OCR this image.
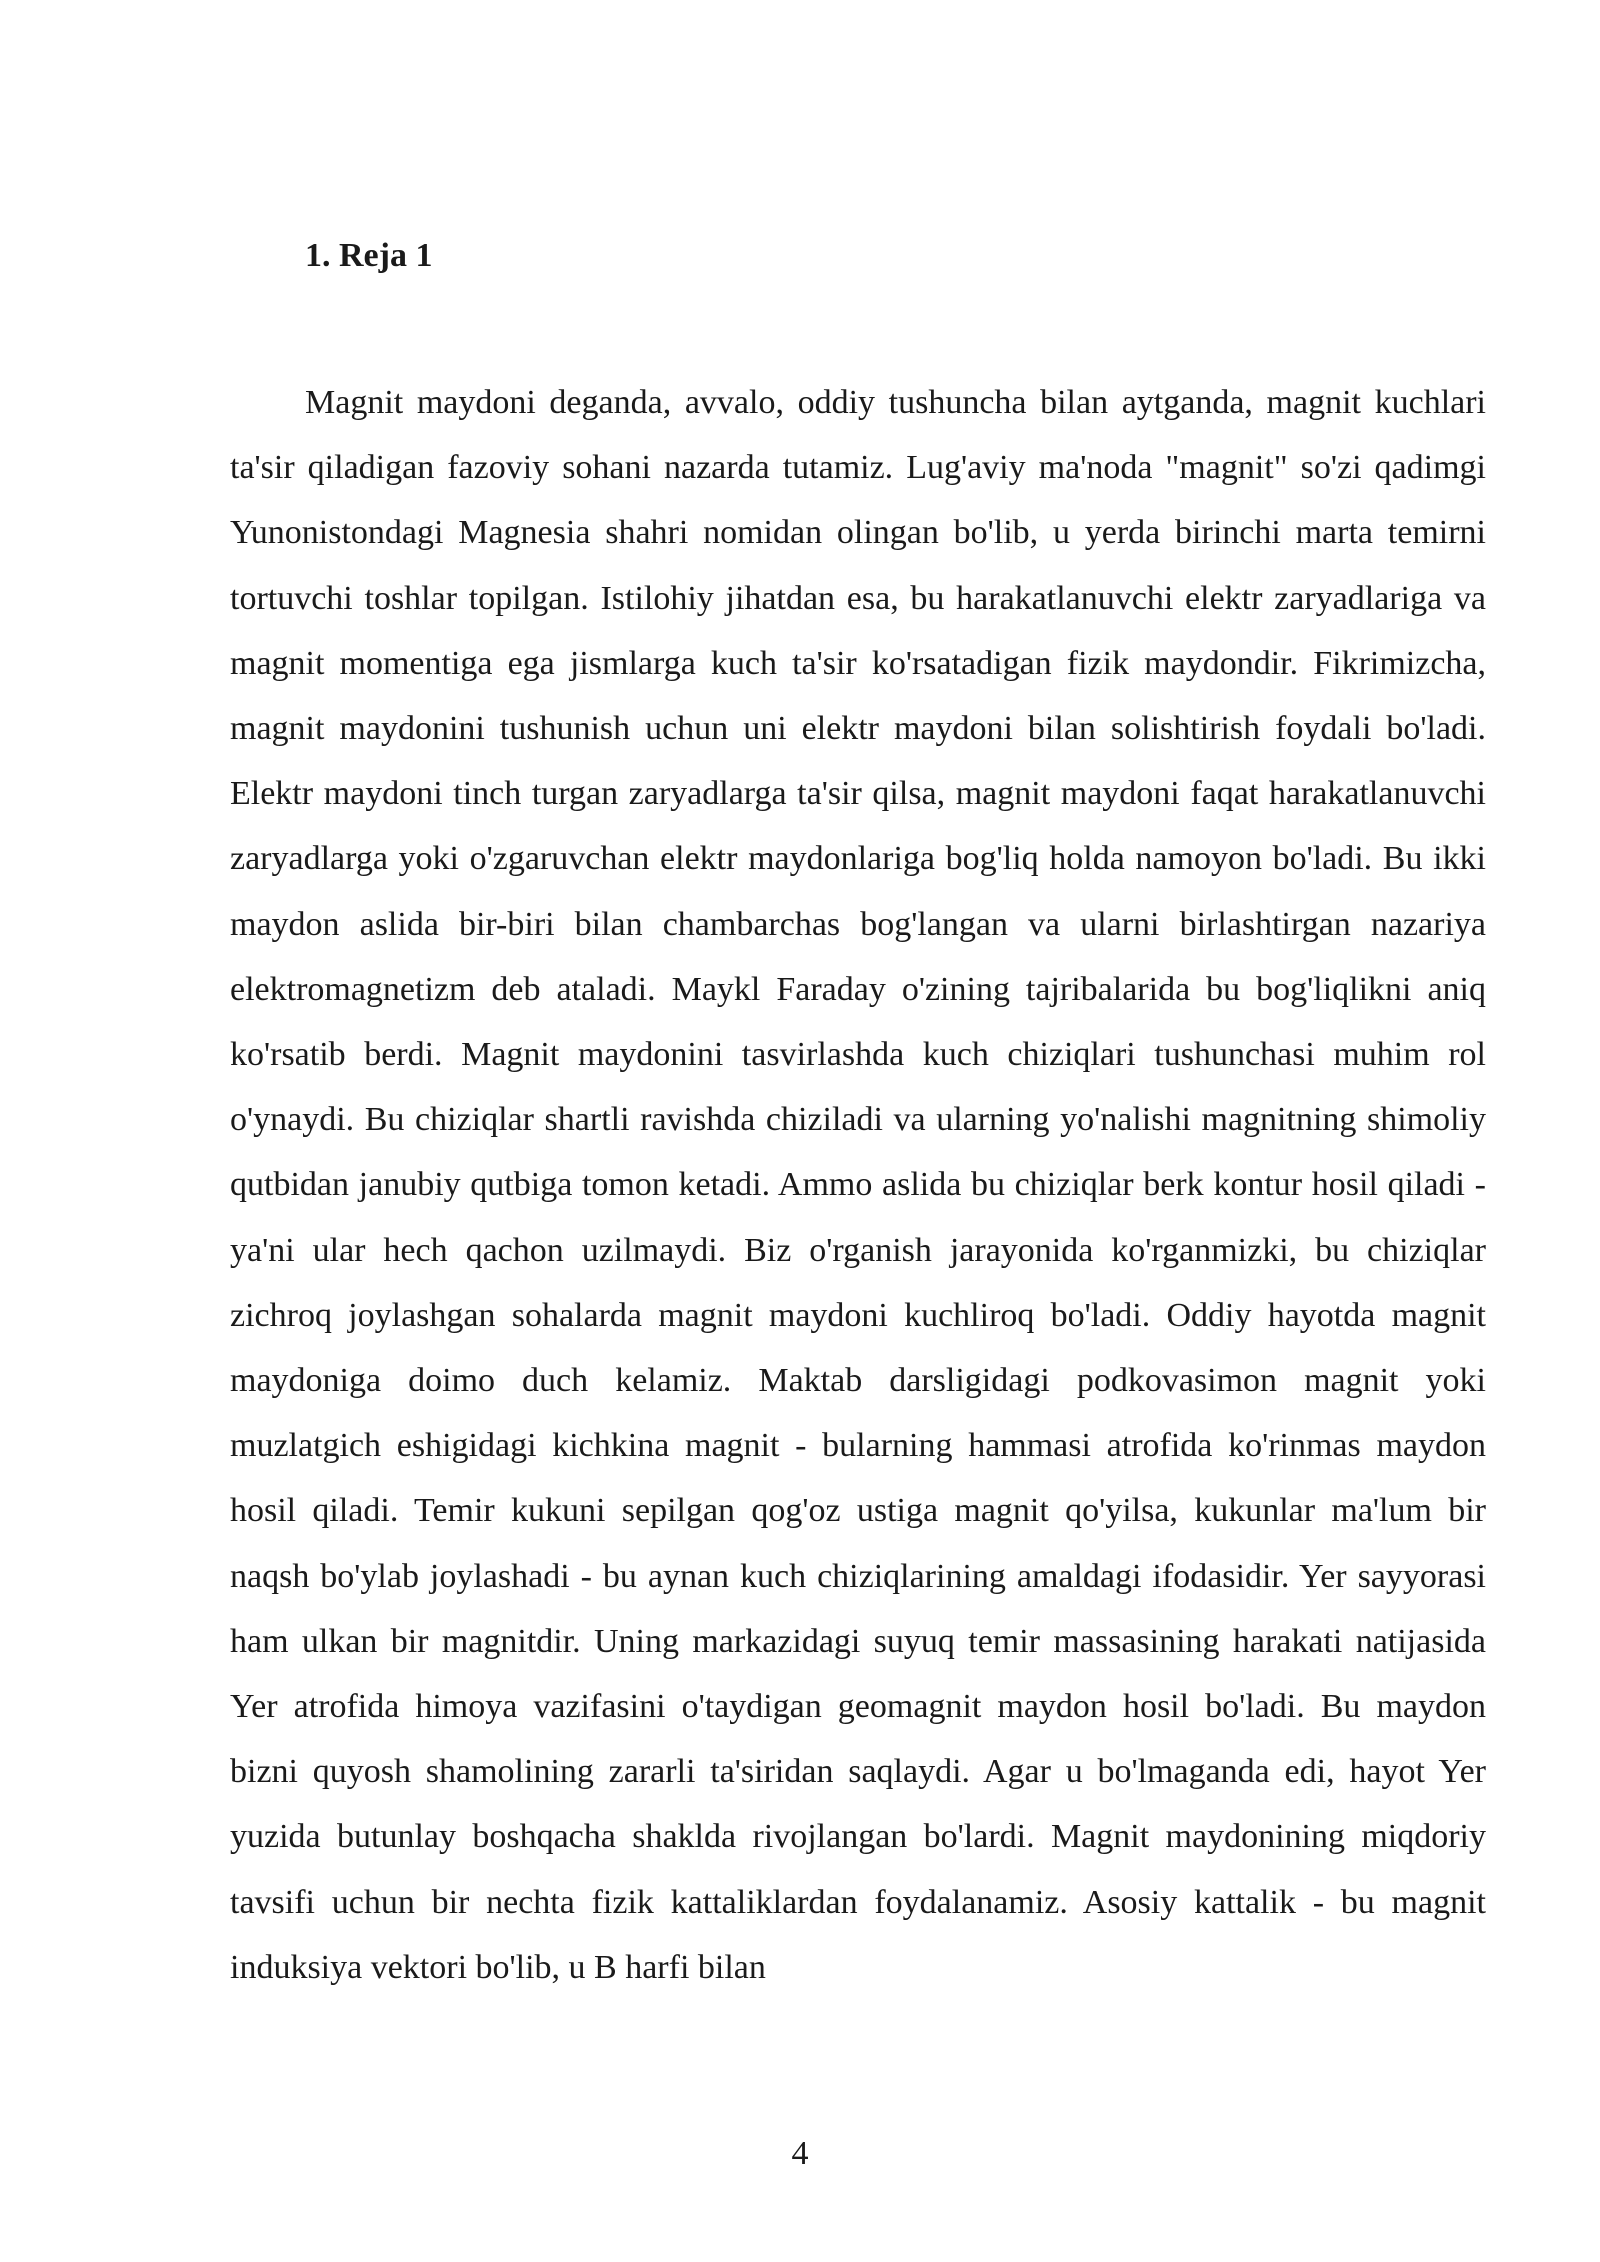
1. Reja 1

Magnit maydoni deganda, avvalo, oddiy tushuncha bilan aytganda, magnit kuchlari ta'sir qiladigan fazoviy sohani nazarda tutamiz. Lug'aviy ma'noda "magnit" so'zi qadimgi Yunonistondagi Magnesia shahri nomidan olingan bo'lib, u yerda birinchi marta temirni tortuvchi toshlar topilgan. Istilohiy jihatdan esa, bu harakatlanuvchi elektr zaryadlariga va magnit momentiga ega jismlarga kuch ta'sir ko'rsatadigan fizik maydondir. Fikrimizcha, magnit maydonini tushunish uchun uni elektr maydoni bilan solishtirish foydali bo'ladi. Elektr maydoni tinch turgan zaryadlarga ta'sir qilsa, magnit maydoni faqat harakatlanuvchi zaryadlarga yoki o'zgaruvchan elektr maydonlariga bog'liq holda namoyon bo'ladi. Bu ikki maydon aslida bir-biri bilan chambarchas bog'langan va ularni birlashtirgan nazariya elektromagnetizm deb ataladi. Maykl Faraday o'zining tajribalarida bu bog'liqlikni aniq ko'rsatib berdi. Magnit maydonini tasvirlashda kuch chiziqlari tushunchasi muhim rol o'ynaydi. Bu chiziqlar shartli ravishda chiziladi va ularning yo'nalishi magnitning shimoliy qutbidan janubiy qutbiga tomon ketadi. Ammo aslida bu chiziqlar berk kontur hosil qiladi - ya'ni ular hech qachon uzilmaydi. Biz o'rganish jarayonida ko'rganmizki, bu chiziqlar zichroq joylashgan sohalarda magnit maydoni kuchliroq bo'ladi. Oddiy hayotda magnit maydoniga doimo duch kelamiz. Maktab darsligidagi podkovasimon magnit yoki muzlatgich eshigidagi kichkina magnit - bularning hammasi atrofida ko'rinmas maydon hosil qiladi. Temir kukuni sepilgan qog'oz ustiga magnit qo'yilsa, kukunlar ma'lum bir naqsh bo'ylab joylashadi - bu aynan kuch chiziqlarining amaldagi ifodasidir. Yer sayyorasi ham ulkan bir magnitdir. Uning markazidagi suyuq temir massasining harakati natijasida Yer atrofida himoya vazifasini o'taydigan geomagnit maydon hosil bo'ladi. Bu maydon bizni quyosh shamolining zararli ta'siridan saqlaydi. Agar u bo'lmaganda edi, hayot Yer yuzida butunlay boshqacha shakldа rivojlangan bo'lardi. Magnit maydonining miqdoriy tavsifi uchun bir nechta fizik kattaliklardan foydalanamiz. Asosiy kattalik - bu magnit induksiya vektori bo'lib, u B harfi bilan

4
